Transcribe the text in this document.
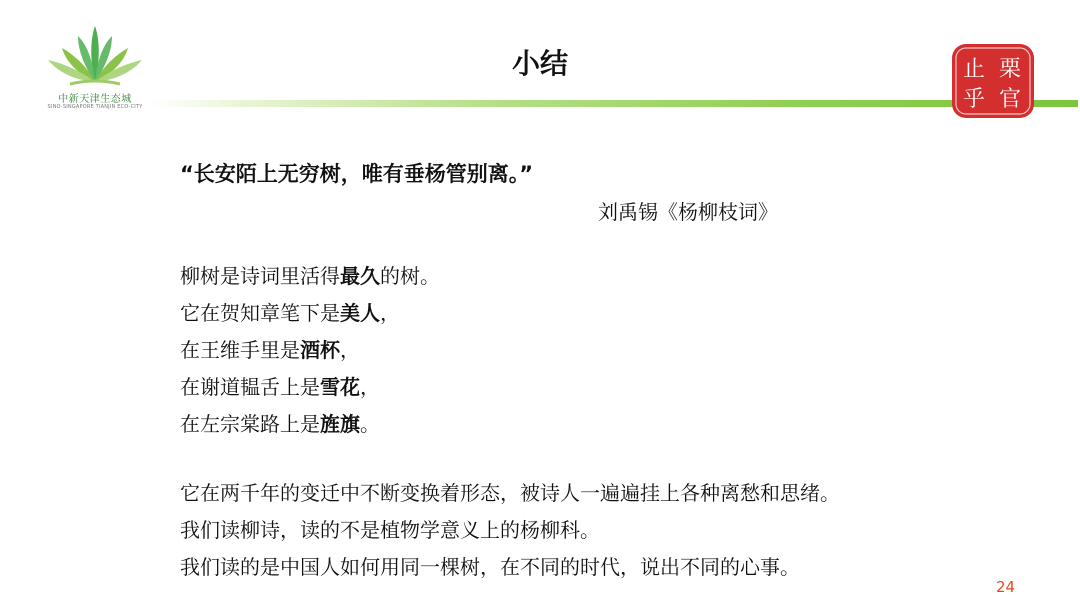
中新天津生态城
SINO-SINGAPORE TIANJIN ECO-CITY
小结	止 栗
乎 官
“长安陌上无穷树，唯有垂杨管别离。”
刘禹锡《杨柳枝词》
柳树是诗词里活得最久的树。
它在贺知章笔下是美人，
在王维手里是酒杯，
在谢道韫舌上是雪花，
在左宗棠路上是旌旗。
它在两千年的变迁中不断变换着形态，被诗人一遍遍挂上各种离愁和思绪。
我们读柳诗，读的不是植物学意义上的杨柳科。
我们读的是中国人如何用同一棵树，在不同的时代，说出不同的心事。
24
